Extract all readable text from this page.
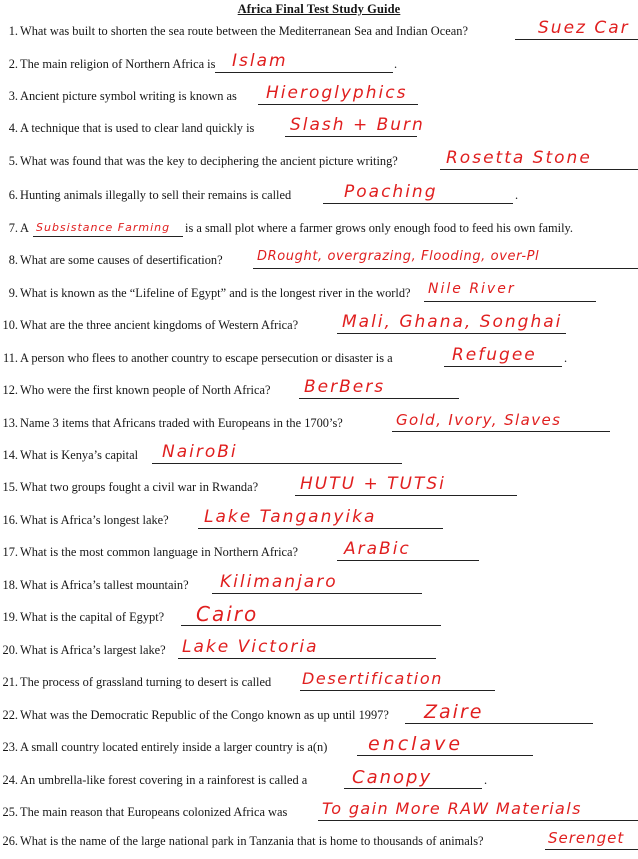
Africa Final Test Study Guide
1. What was built to shorten the sea route between the Mediterranean Sea and Indian Ocean?	Suez Car
2. The main religion of Northern Africa is Islam	.
3. Ancient picture symbol writing is known as Hieroglyphics
4. A technique that is used to clear land quickly is Slash + Burn
5. What was found that was the key to deciphering the ancient picture writing?	Rosetta Stone
6. Hunting animals illegally to sell their remains is called	Poaching	.
7. A Subsistance Farming is a small plot where a farmer grows only enough food to feed his own family.
8. What are some causes of desertification?	DRought, overgrazing, Flooding, over-Pl
9. What is known as the “Lifeline of Egypt” and is the longest river in the world? Nile River
10. What are the three ancient kingdoms of Western Africa?	Mali, Ghana, Songhai
11. A person who flees to another country to escape persecution or disaster is a	Refugee .
12. Who were the first known people of North Africa? BerBers
13. Name 3 items that Africans traded with Europeans in the 1700’s?	Gold, Ivory, Slaves
14. What is Kenya’s capital NairoBi
15. What two groups fought a civil war in Rwanda? HUTU + TUTSi
16. What is Africa’s longest lake? Lake Tanganyika
17. What is the most common language in Northern Africa?	AraBic
18. What is Africa’s tallest mountain? Kilimanjaro
19. What is the capital of Egypt? Cairo
20. What is Africa’s largest lake? Lake Victoria
21. The process of grassland turning to desert is called Desertification
22. What was the Democratic Republic of the Congo known as up until 1997? Zaire
23. A small country located entirely inside a larger country is a(n) enclave
24. An umbrella-like forest covering in a rainforest is called a Canopy	.
25. The main reason that Europeans colonized Africa was To gain More RAW Materials
26. What is the name of the large national park in Tanzania that is home to thousands of animals?	Serenget
